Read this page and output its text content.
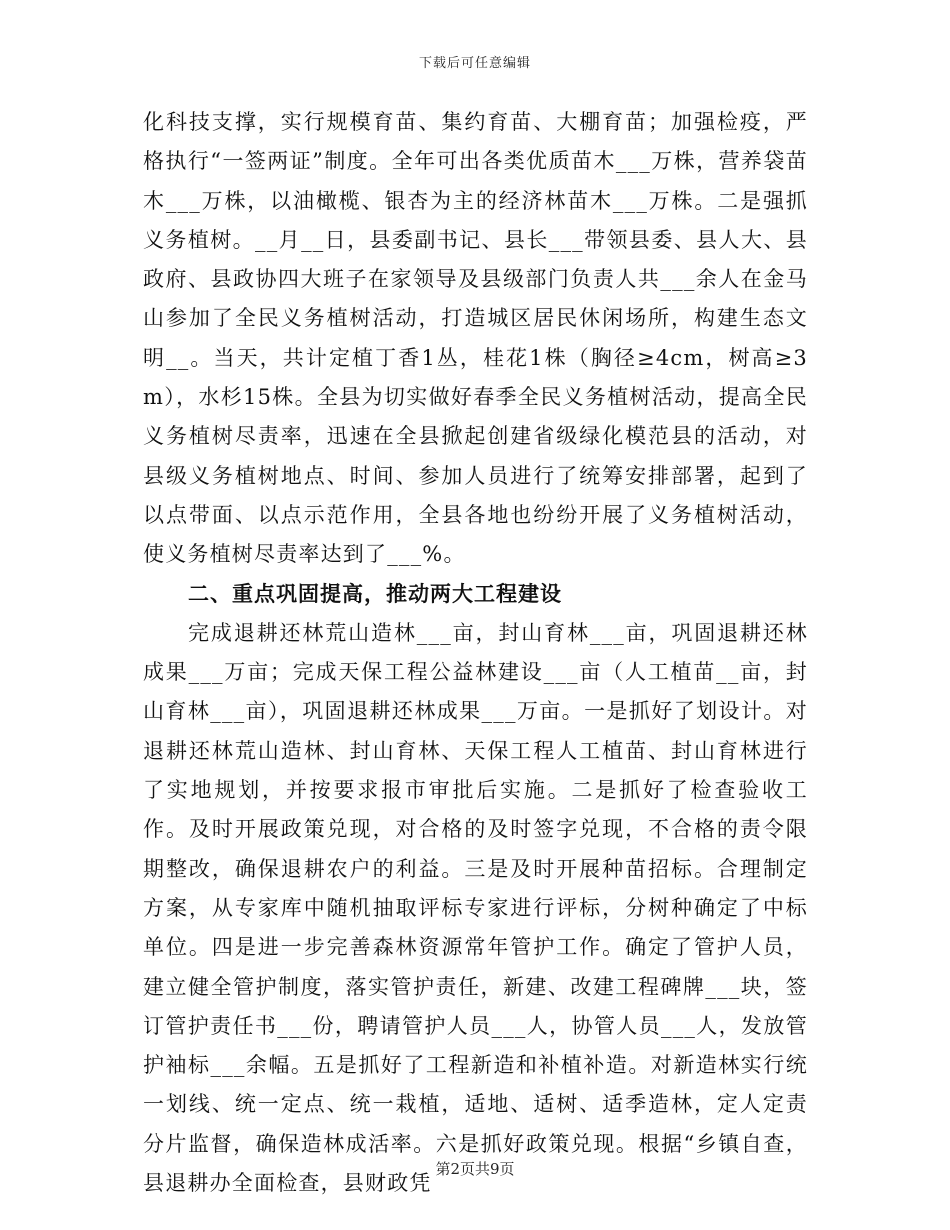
下载后可任意编辑

化科技支撑，实行规模育苗、集约育苗、大棚育苗；加强检疫，严格执行“一签两证”制度。全年可出各类优质苗木___万株，营养袋苗木___万株，以油橄榄、银杏为主的经济林苗木___万株。二是强抓义务植树。__月__日，县委副书记、县长___带领县委、县人大、县政府、县政协四大班子在家领导及县级部门负责人共___余人在金马山参加了全民义务植树活动，打造城区居民休闲场所，构建生态文明__。当天，共计定植丁香1丛，桂花1株（胸径≥4cm，树高≥3m），水杉15株。全县为切实做好春季全民义务植树活动，提高全民义务植树尽责率，迅速在全县掀起创建省级绿化模范县的活动，对县级义务植树地点、时间、参加人员进行了统筹安排部署，起到了以点带面、以点示范作用，全县各地也纷纷开展了义务植树活动，使义务植树尽责率达到了___%。

二、重点巩固提高，推动两大工程建设

完成退耕还林荒山造林___亩，封山育林___亩，巩固退耕还林成果___万亩；完成天保工程公益林建设___亩（人工植苗__亩，封山育林___亩），巩固退耕还林成果___万亩。一是抓好了划设计。对退耕还林荒山造林、封山育林、天保工程人工植苗、封山育林进行了实地规划，并按要求报市审批后实施。二是抓好了检查验收工作。及时开展政策兑现，对合格的及时签字兑现，不合格的责令限期整改，确保退耕农户的利益。三是及时开展种苗招标。合理制定方案，从专家库中随机抽取评标专家进行评标，分树种确定了中标单位。四是进一步完善森林资源常年管护工作。确定了管护人员，建立健全管护制度，落实管护责任，新建、改建工程碑牌___块，签订管护责任书___份，聘请管护人员___人，协管人员___人，发放管护袖标___余幅。五是抓好了工程新造和补植补造。对新造林实行统一划线、统一定点、统一栽植，适地、适树、适季造林，定人定责分片监督，确保造林成活率。六是抓好政策兑现。根据“乡镇自查，县退耕办全面检查，县财政凭

第2页共9页
